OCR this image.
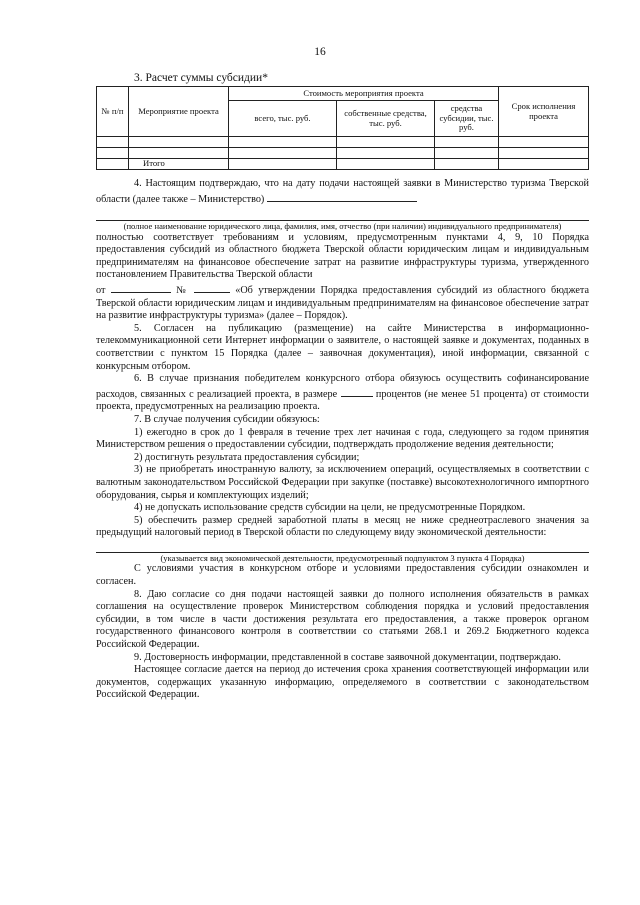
16
3. Расчет суммы субсидии*
№ п/п	Мероприятие проекта	Стоимость мероприятия проекта			Срок исполнения проекта
		всего, тыс. руб.	собственные средства, тыс. руб.	средства субсидии, тыс. руб.	

	Итого				

4. Настоящим подтверждаю, что на дату подачи настоящей заявки в Министерство туризма Тверской области (далее также – Министерство)

(полное наименование юридического лица, фамилия, имя, отчество (при наличии) индивидуального предпринимателя)

полностью соответствует требованиям и условиям, предусмотренным пунктами 4, 9, 10 Порядка предоставления субсидий из областного бюджета Тверской области юридическим лицам и индивидуальным предпринимателям на финансовое обеспечение затрат на развитие инфраструктуры туризма, утвержденного постановлением Правительства Тверской области

от	№	«Об утверждении Порядка предоставления субсидий из областного бюджета Тверской области юридическим лицам и индивидуальным предпринимателям на финансовое обеспечение затрат на развитие инфраструктуры туризма» (далее – Порядок).

5. Согласен на публикацию (размещение) на сайте Министерства в информационно-телекоммуникационной сети Интернет информации о заявителе, о настоящей заявке и документах, поданных в соответствии с пунктом 15 Порядка (далее – заявочная документация), иной информации, связанной с конкурсным отбором.

6. В случае признания победителем конкурсного отбора обязуюсь осуществить софинансирование расходов, связанных с реализацией проекта, в размере	процентов (не менее 51 процента) от стоимости проекта, предусмотренных на реализацию проекта.

7. В случае получения субсидии обязуюсь:

1) ежегодно в срок до 1 февраля в течение трех лет начиная с года, следующего за годом принятия Министерством решения о предоставлении субсидии, подтверждать продолжение ведения деятельности;

2) достигнуть результата предоставления субсидии;

3) не приобретать иностранную валюту, за исключением операций, осуществляемых в соответствии с валютным законодательством Российской Федерации при закупке (поставке) высокотехнологичного импортного оборудования, сырья и комплектующих изделий;

4) не допускать использование средств субсидии на цели, не предусмотренные Порядком.

5) обеспечить размер средней заработной платы в месяц не ниже среднеотраслевого значения за предыдущий налоговый период в Тверской области по следующему виду экономической деятельности:

(указывается вид экономической деятельности, предусмотренный подпунктом 3 пункта 4 Порядка)

С условиями участия в конкурсном отборе и условиями предоставления субсидии ознакомлен и согласен.

8. Даю согласие со дня подачи настоящей заявки до полного исполнения обязательств в рамках соглашения на осуществление проверок Министерством соблюдения порядка и условий предоставления субсидии, в том числе в части достижения результата его предоставления, а также проверок органом государственного финансового контроля в соответствии со статьями 268.1 и 269.2 Бюджетного кодекса Российской Федерации.

9. Достоверность информации, представленной в составе заявочной документации, подтверждаю.

Настоящее согласие дается на период до истечения срока хранения соответствующей информации или документов, содержащих указанную информацию, определяемого в соответствии с законодательством Российской Федерации.
